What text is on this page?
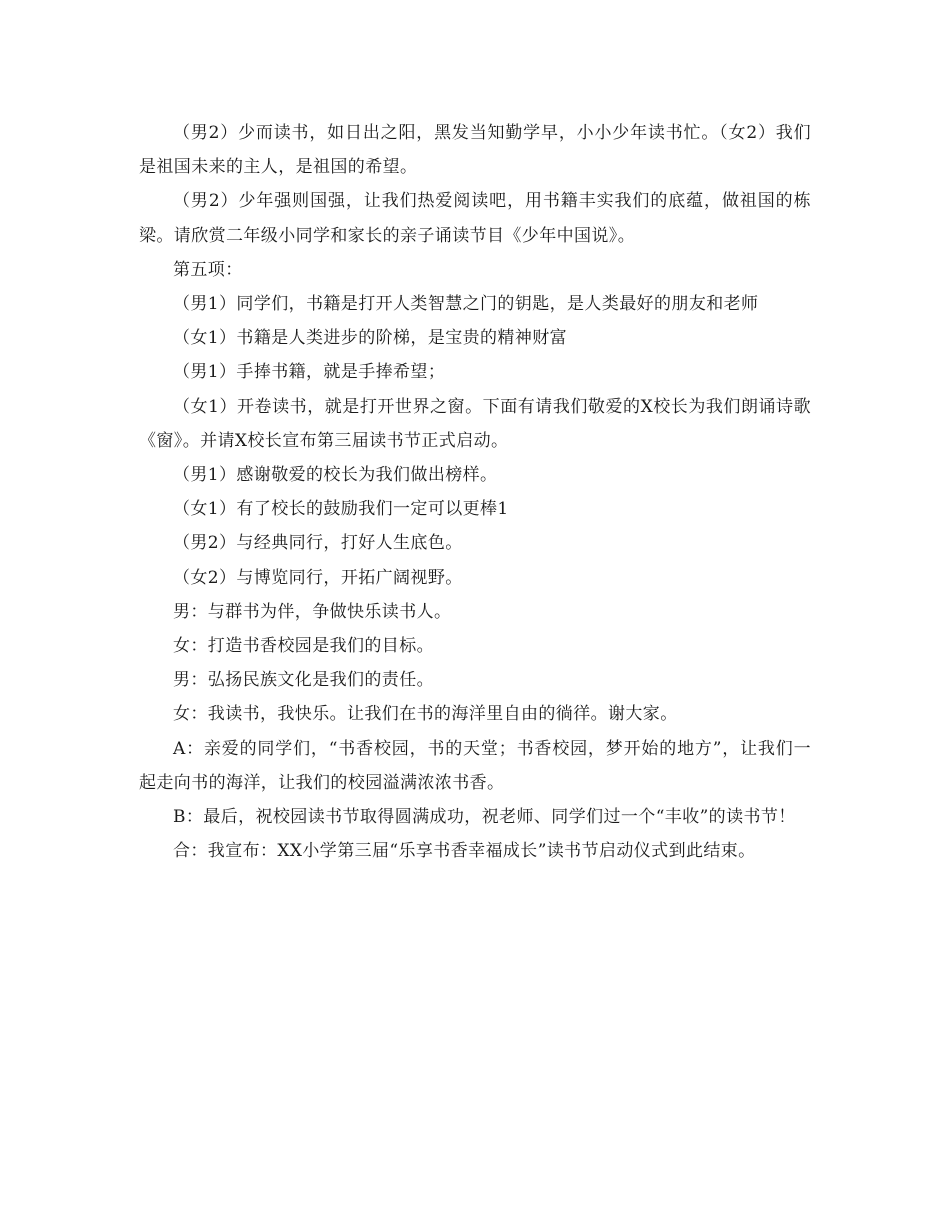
（男2）少而读书，如日出之阳，黑发当知勤学早，小小少年读书忙。（女2）我们是祖国未来的主人，是祖国的希望。

（男2）少年强则国强，让我们热爱阅读吧，用书籍丰实我们的底蕴，做祖国的栋梁。请欣赏二年级小同学和家长的亲子诵读节目《少年中国说》。

第五项：

（男1）同学们，书籍是打开人类智慧之门的钥匙，是人类最好的朋友和老师

（女1）书籍是人类进步的阶梯，是宝贵的精神财富

（男1）手捧书籍，就是手捧希望；

（女1）开卷读书，就是打开世界之窗。下面有请我们敬爱的X校长为我们朗诵诗歌《窗》。并请X校长宣布第三届读书节正式启动。

（男1）感谢敬爱的校长为我们做出榜样。

（女1）有了校长的鼓励我们一定可以更棒1

（男2）与经典同行，打好人生底色。

（女2）与博览同行，开拓广阔视野。

男：与群书为伴，争做快乐读书人。

女：打造书香校园是我们的目标。

男：弘扬民族文化是我们的责任。

女：我读书，我快乐。让我们在书的海洋里自由的徜徉。谢大家。

A：亲爱的同学们，“书香校园，书的天堂；书香校园，梦开始的地方”，让我们一起走向书的海洋，让我们的校园溢满浓浓书香。

B：最后，祝校园读书节取得圆满成功，祝老师、同学们过一个“丰收”的读书节！

合：我宣布：XX小学第三届“乐享书香幸福成长”读书节启动仪式到此结束。
